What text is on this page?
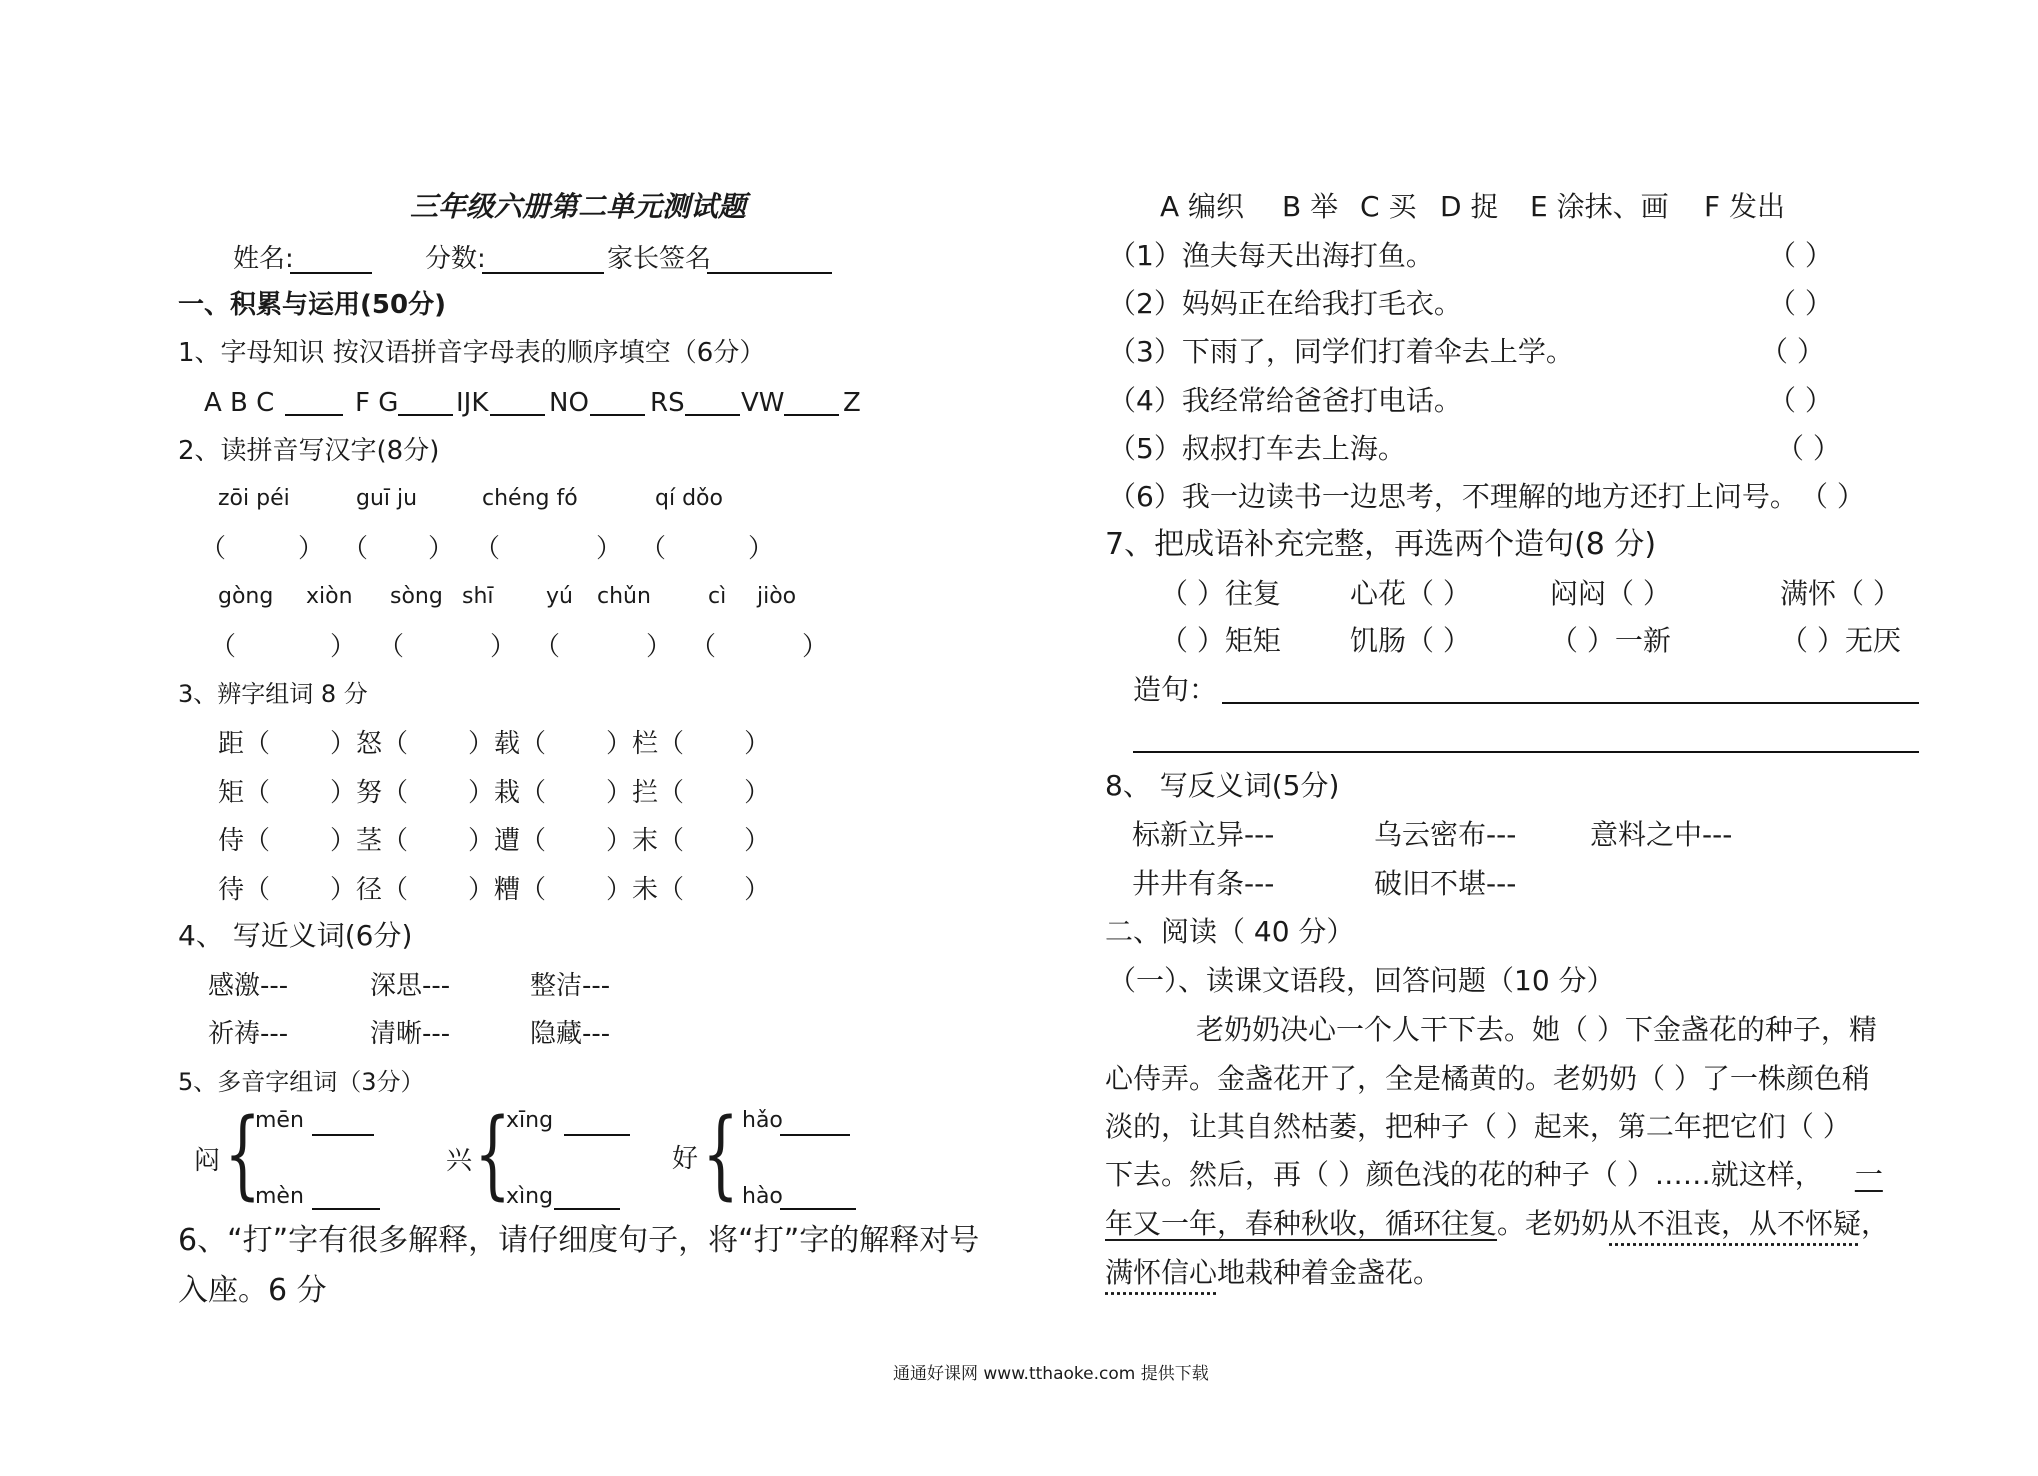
三年级六册第二单元测试题
姓名:	分数:	家长签名
一、积累与运用(50分)
1、字母知识 按汉语拼音字母表的顺序填空（6分）
A B C	F G IJK NO RS VW Z
2、读拼音写汉字(8分)
zōi péi	guī ju	chéng fó	qí dǒo
（	） （ ） （	） （	）
gòng xiòn sòng shī yú chǔn	cì jiòo
（	） （	） （	） （	）
3、辨字组词 8 分
距（ ）怒（ ）载（ ）栏（ ）
矩（ ）努（ ）栽（ ）拦（ ）
侍（ ）茎（ ）遭（ ）末（ ）
待（ ）径（ ）糟（ ）未（ ）
4、 写近义词(6分)
感激---	深思---	整洁---
祈祷---	清晰---	隐藏---
5、多音字组词（3分）
闷 {
mēn
mèn
兴 {
xīng
xìng
好 { hǎo
hào
6、“打”字有很多解释，请仔细度句子，将“打”字的解释对号
入座。6 分
A 编织 B 举 C 买 D 捉 E 涂抹、画 F 发出
（1）渔夫每天出海打鱼。	（ ）
（2）妈妈正在给我打毛衣。	（ ）
（3）下雨了，同学们打着伞去上学。	（ ）
（4）我经常给爸爸打电话。	（ ）
（5）叔叔打车去上海。	（ ）
（6）我一边读书一边思考，不理解的地方还打上问号。 （ ）
7、把成语补充完整，再选两个造句(8 分)
（ ）往复 心花（ ）	闷闷（ ）	满怀（ ）
（ ）矩矩 饥肠（ ）	（ ）一新	（ ）无厌
造句：
8、 写反义词(5分)
标新立异---	乌云密布---	意料之中---
井井有条---	破旧不堪---
二、阅读（ 40 分）
（一）、读课文语段，回答问题（10 分）
老奶奶决心一个人干下去。她（ ）下金盏花的种子，精
心侍弄。金盏花开了，全是橘黄的。老奶奶（ ）了一株颜色稍
淡的，让其自然枯萎，把种子（ ）起来，第二年把它们（ ）
下去。然后，再（ ）颜色浅的花的种子（ ）……就这样， 一
年又一年，春种秋收，循环往复。老奶奶从不沮丧，从不怀疑，
满怀信心地栽种着金盏花。
通通好课网 www.tthaoke.com 提供下载
